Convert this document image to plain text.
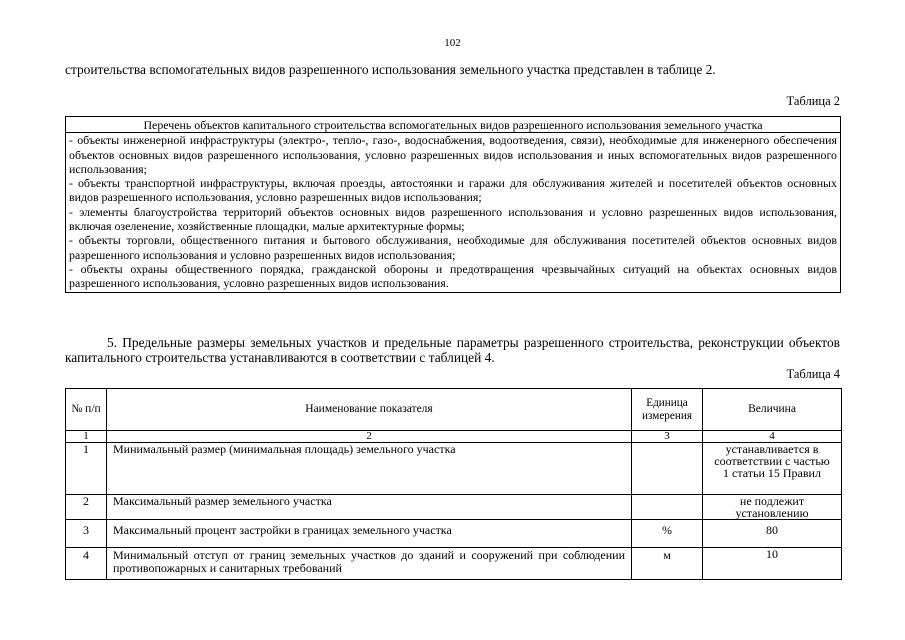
102
строительства вспомогательных видов разрешенного использования земельного участка представлен в таблице 2.
Таблица 2
Перечень объектов капитального строительства вспомогательных видов разрешенного использования земельного участка

- объекты инженерной инфраструктуры (электро-, тепло-, газо-, водоснабжения, водоотведения, связи), необходимые для инженерного обеспечения объектов основных видов разрешенного использования, условно разрешенных видов использования и иных вспомогательных видов разрешенного использования;

- объекты транспортной инфраструктуры, включая проезды, автостоянки и гаражи для обслуживания жителей и посетителей объектов основных видов разрешенного использования, условно разрешенных видов использования;

- элементы благоустройства территорий объектов основных видов разрешенного использования и условно разрешенных видов использования, включая озеленение, хозяйственные площадки, малые архитектурные формы;

- объекты торговли, общественного питания и бытового обслуживания, необходимые для обслуживания посетителей объектов основных видов разрешенного использования и условно разрешенных видов использования;

- объекты охраны общественного порядка, гражданской обороны и предотвращения чрезвычайных ситуаций на объектах основных видов разрешенного использования, условно разрешенных видов использования.

5. Предельные размеры земельных участков и предельные параметры разрешенного строительства, реконструкции объектов капитального строительства устанавливаются в соответствии с таблицей 4.
Таблица 4
№ п/п	Наименование показателя	Единица измерения	Величина
1	2	3	4
1	Минимальный размер (минимальная площадь) земельного участка		устанавливается в соответствии с частью 1 статьи 15 Правил
2	Максимальный размер земельного участка		не подлежит установлению
3	Максимальный процент застройки в границах земельного участка	%	80
4	Минимальный отступ от границ земельных участков до зданий и сооружений при соблюдении противопожарных и санитарных требований	м	10
